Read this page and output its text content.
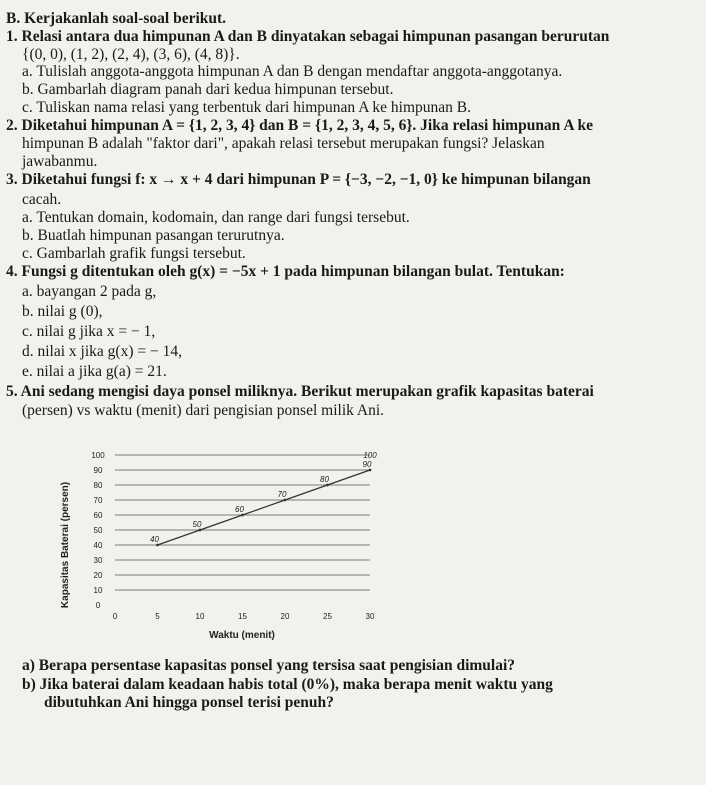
B. Kerjakanlah soal-soal berikut.
1. Relasi antara dua himpunan A dan B dinyatakan sebagai himpunan pasangan berurutan
{(0, 0), (1, 2), (2, 4), (3, 6), (4, 8)}.
a. Tulislah anggota-anggota himpunan A dan B dengan mendaftar anggota-anggotanya.
b. Gambarlah diagram panah dari kedua himpunan tersebut.
c. Tuliskan nama relasi yang terbentuk dari himpunan A ke himpunan B.
2. Diketahui himpunan A = {1, 2, 3, 4} dan B = {1, 2, 3, 4, 5, 6}. Jika relasi himpunan A ke
himpunan B adalah "faktor dari", apakah relasi tersebut merupakan fungsi? Jelaskan
jawabanmu.
3. Diketahui fungsi f: x → x + 4 dari himpunan P = {−3, −2, −1, 0} ke himpunan bilangan
cacah.
a. Tentukan domain, kodomain, dan range dari fungsi tersebut.
b. Buatlah himpunan pasangan terurutnya.
c. Gambarlah grafik fungsi tersebut.
4. Fungsi g ditentukan oleh g(x) = −5x + 1 pada himpunan bilangan bulat. Tentukan:
a. bayangan 2 pada g,
b. nilai g (0),
c. nilai g jika x = − 1,
d. nilai x jika g(x) = − 14,
e. nilai a jika g(a) = 21.
5. Ani sedang mengisi daya ponsel miliknya. Berikut merupakan grafik kapasitas baterai
(persen) vs waktu (menit) dari pengisian ponsel milik Ani.
0
10
20
30
40
50
60
70
80
90
100
0	5	10	15	20	25	30
40
50
60
70
80
90
100
Kapasitas Baterai (persen)
Waktu (menit)
a) Berapa persentase kapasitas ponsel yang tersisa saat pengisian dimulai?
b) Jika baterai dalam keadaan habis total (0%), maka berapa menit waktu yang
dibutuhkan Ani hingga ponsel terisi penuh?
